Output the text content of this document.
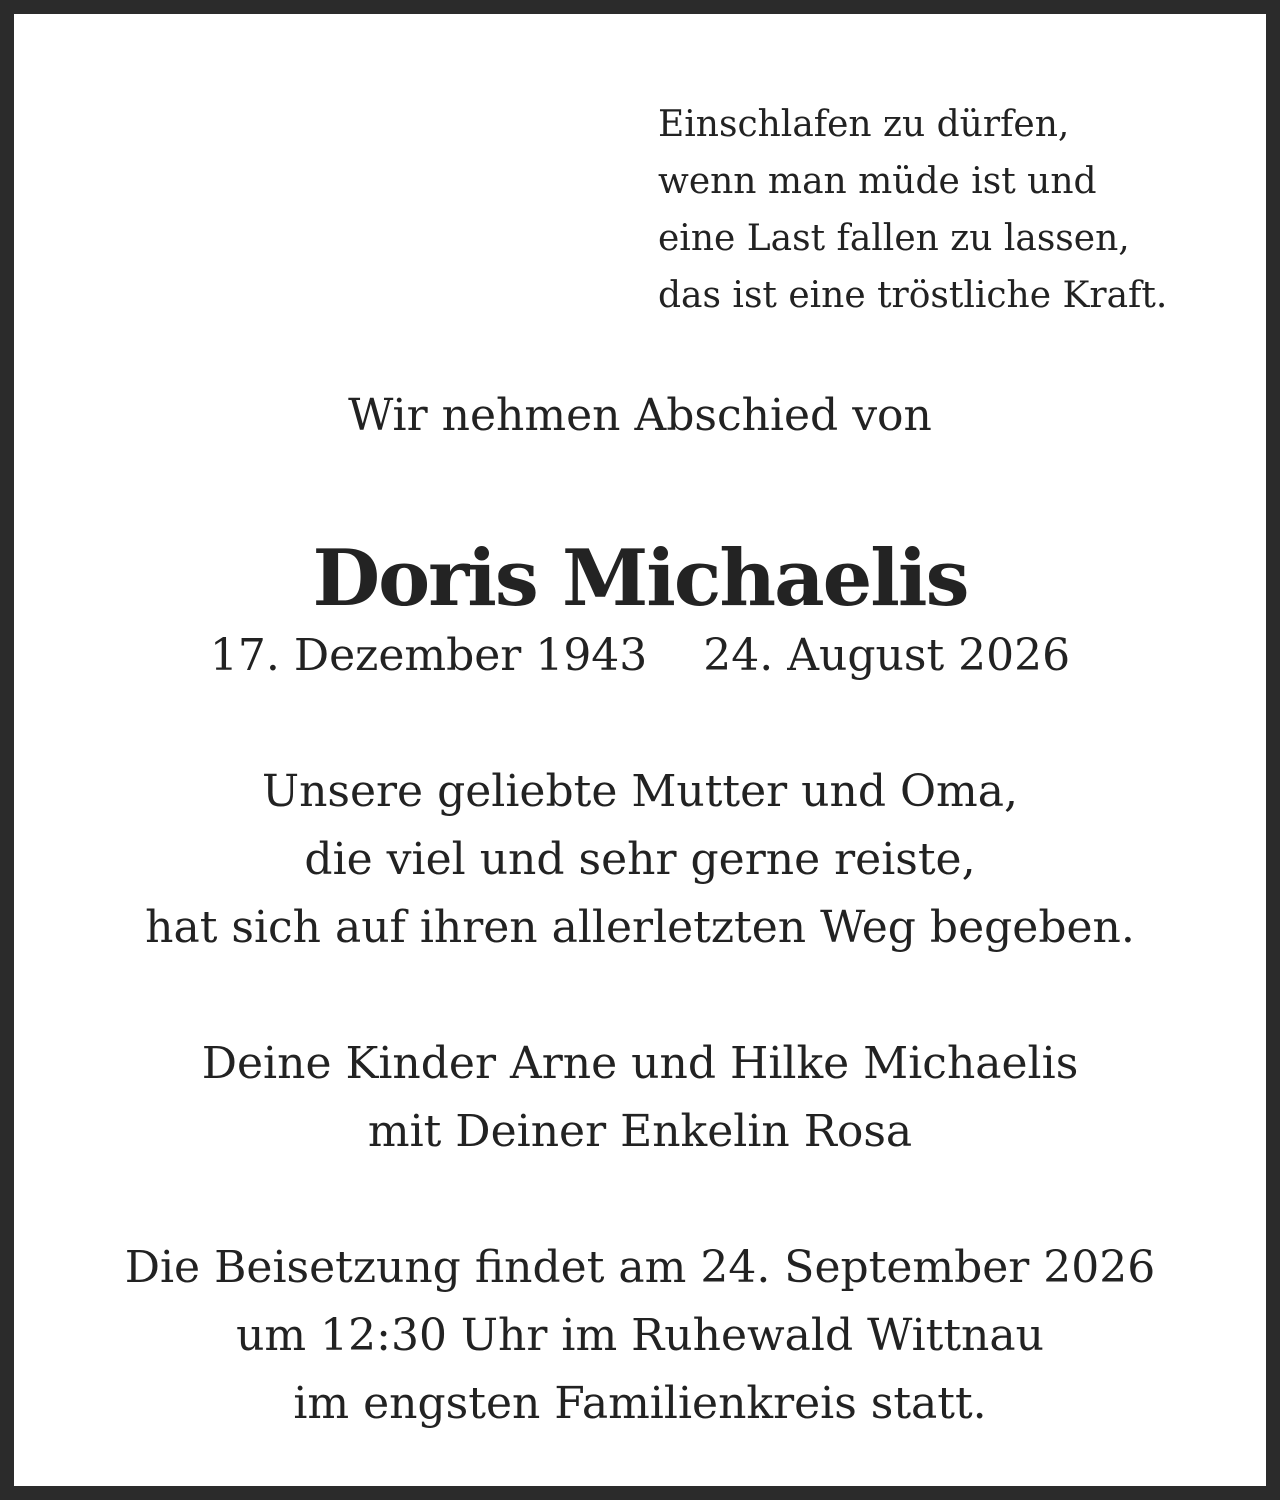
Einschlafen zu dürfen,
wenn man müde ist und
eine Last fallen zu lassen,
das ist eine tröstliche Kraft.
Wir nehmen Abschied von
Doris Michaelis
17. Dezember 1943 24. August 2026
Unsere geliebte Mutter und Oma,
die viel und sehr gerne reiste,
hat sich auf ihren allerletzten Weg begeben.
Deine Kinder Arne und Hilke Michaelis
mit Deiner Enkelin Rosa
Die Beisetzung findet am 24. September 2026
um 12:30 Uhr im Ruhewald Wittnau
im engsten Familienkreis statt.
